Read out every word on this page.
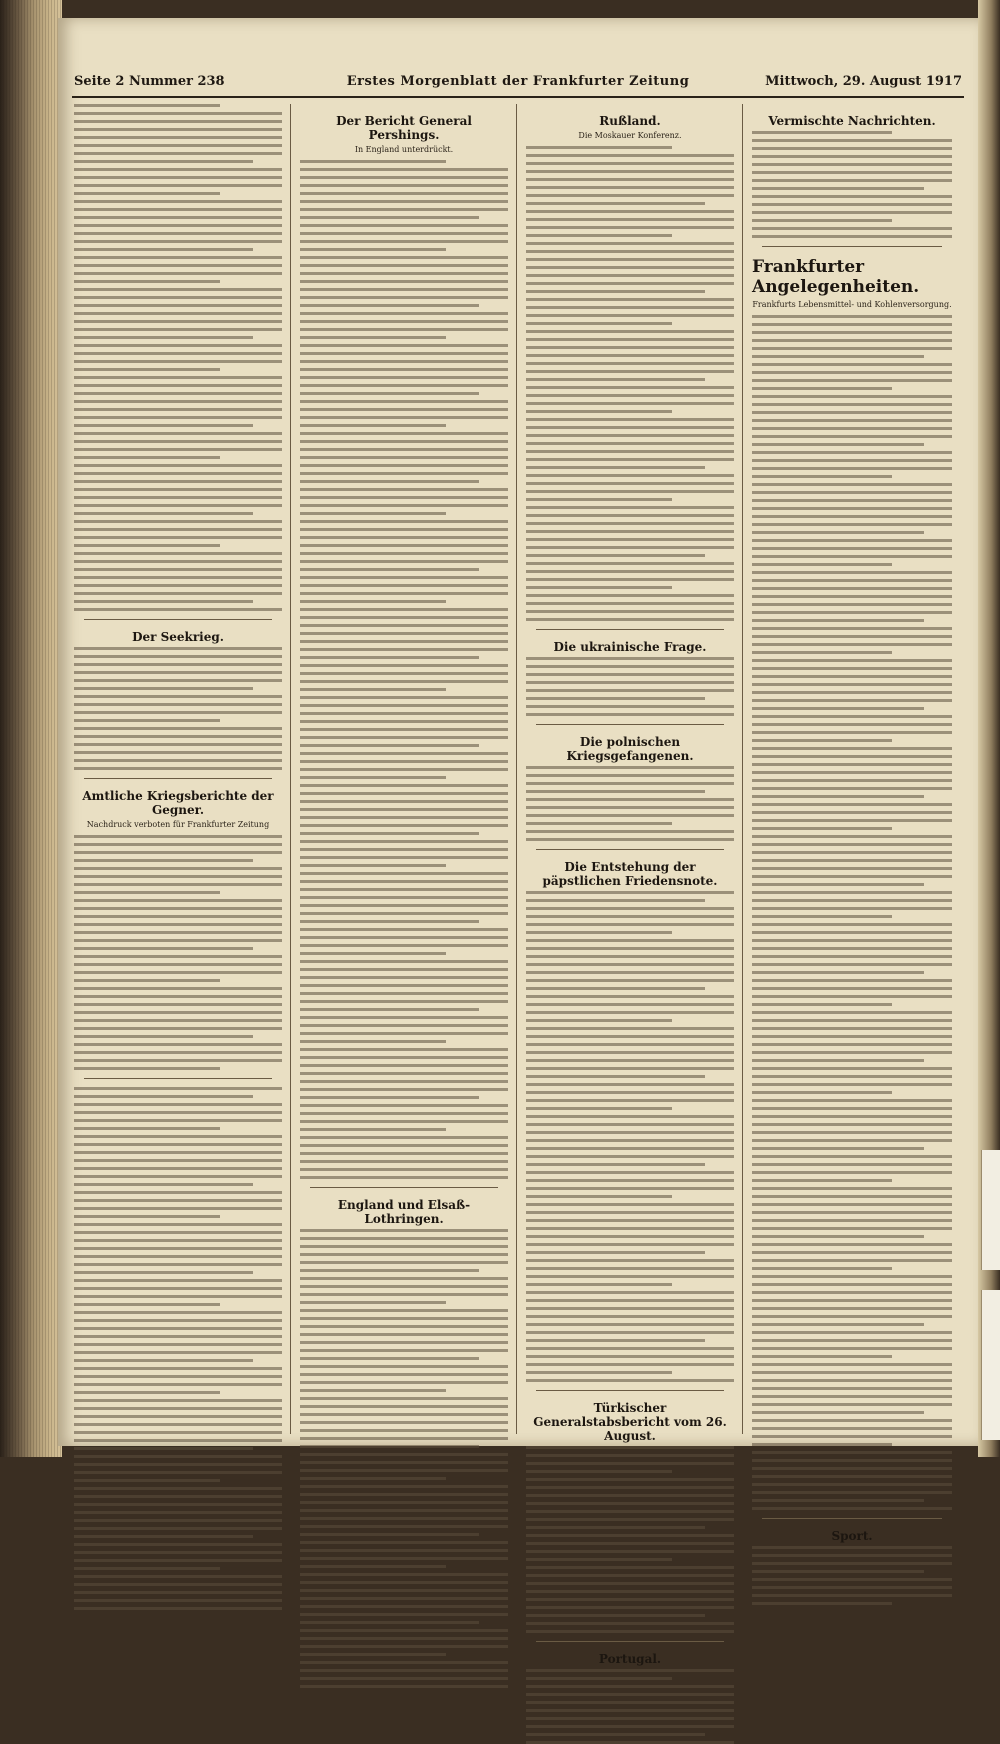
Seite 2 Nummer 238	Erstes Morgenblatt der Frankfurter Zeitung	Mittwoch, 29. August 1917
Der Seekrieg.
Amtliche Kriegsberichte der Gegner.
Nachdruck verboten für Frankfurter Zeitung
Der Bericht General Pershings.
In England unterdrückt.
England und Elsaß-Lothringen.
Rußland.
Die Moskauer Konferenz.
Die ukrainische Frage.
Die polnischen Kriegsgefangenen.
Die Entstehung der päpstlichen Friedensnote.
Türkischer Generalstabsbericht vom 26. August.
Portugal.
Vermischte Nachrichten.
Frankfurter Angelegenheiten.
Frankfurts Lebensmittel- und Kohlenversorgung.
Sport.
